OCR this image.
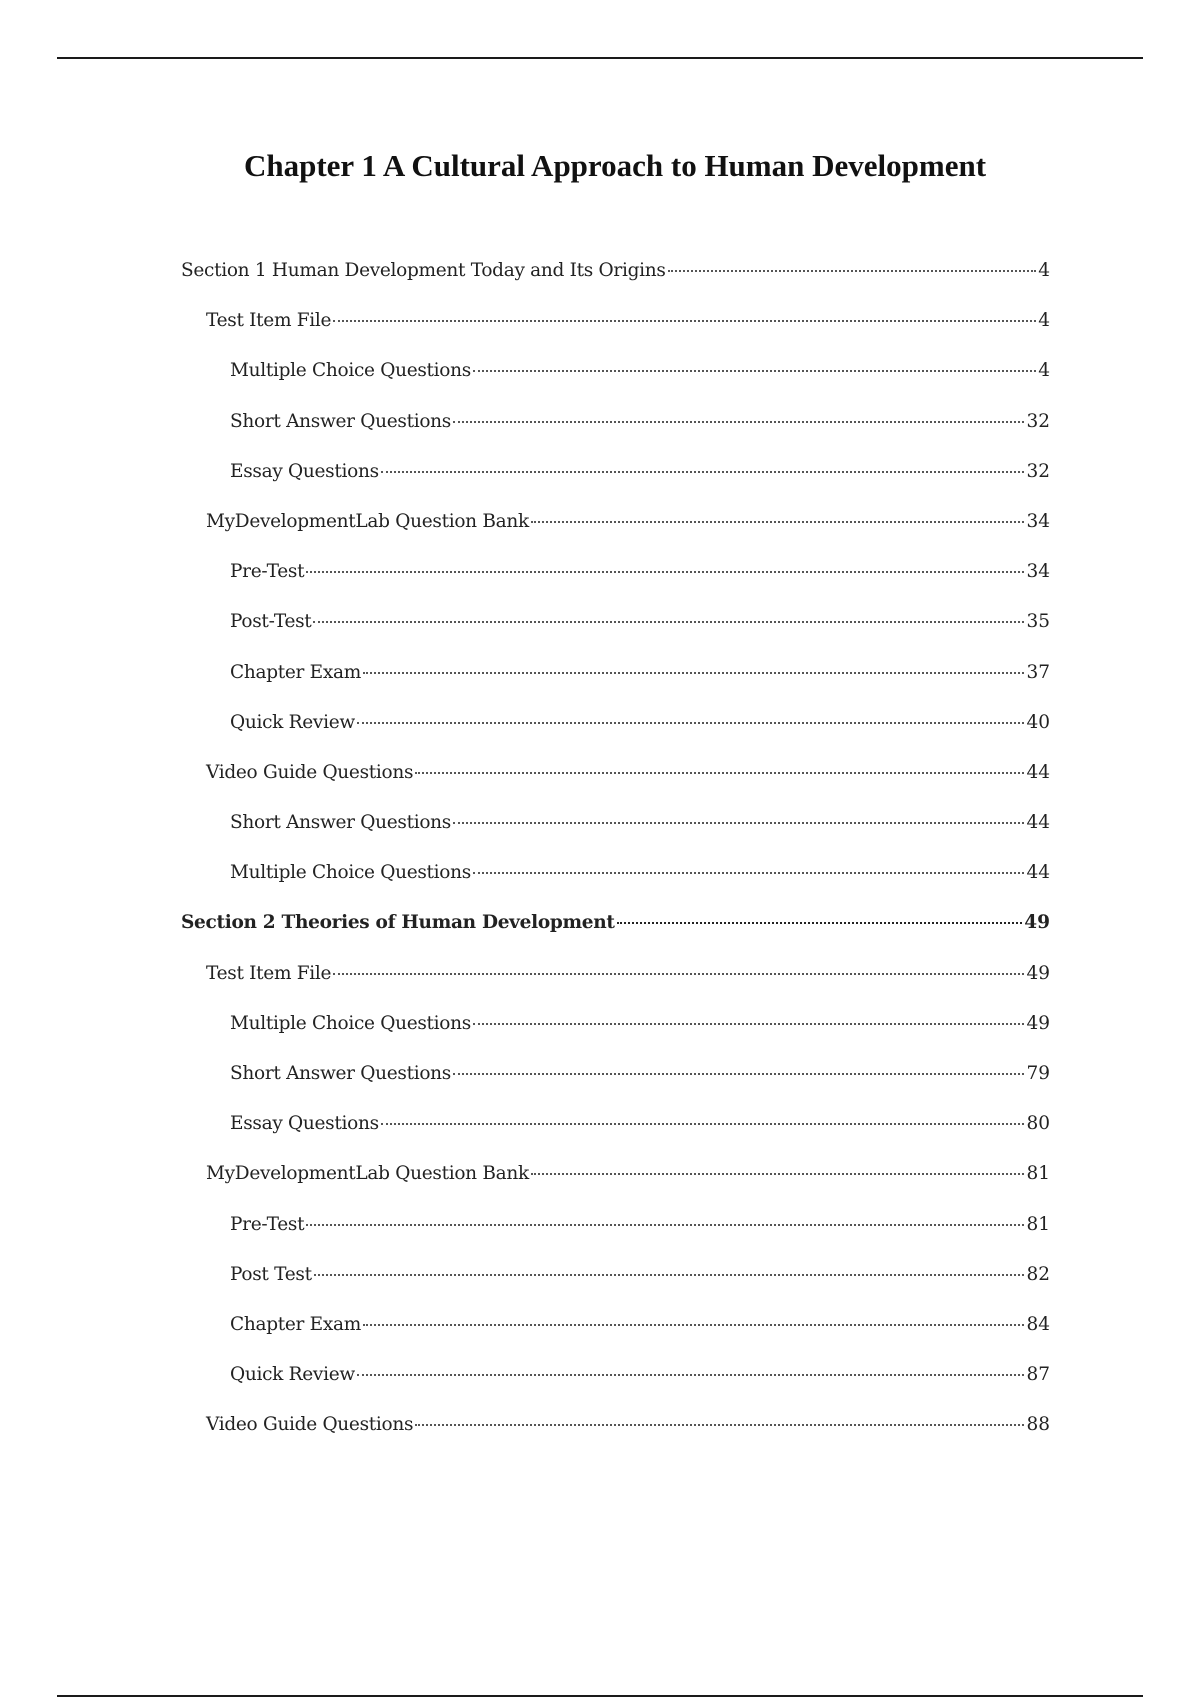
Chapter 1 A Cultural Approach to Human Development
Section 1 Human Development Today and Its Origins	4
Test Item File	4
Multiple Choice Questions	4
Short Answer Questions	32
Essay Questions	32
MyDevelopmentLab Question Bank	34
Pre-Test	34
Post-Test	35
Chapter Exam	37
Quick Review	40
Video Guide Questions	44
Short Answer Questions	44
Multiple Choice Questions	44
Section 2 Theories of Human Development	49
Test Item File	49
Multiple Choice Questions	49
Short Answer Questions	79
Essay Questions	80
MyDevelopmentLab Question Bank	81
Pre-Test	81
Post Test	82
Chapter Exam	84
Quick Review	87
Video Guide Questions	88
